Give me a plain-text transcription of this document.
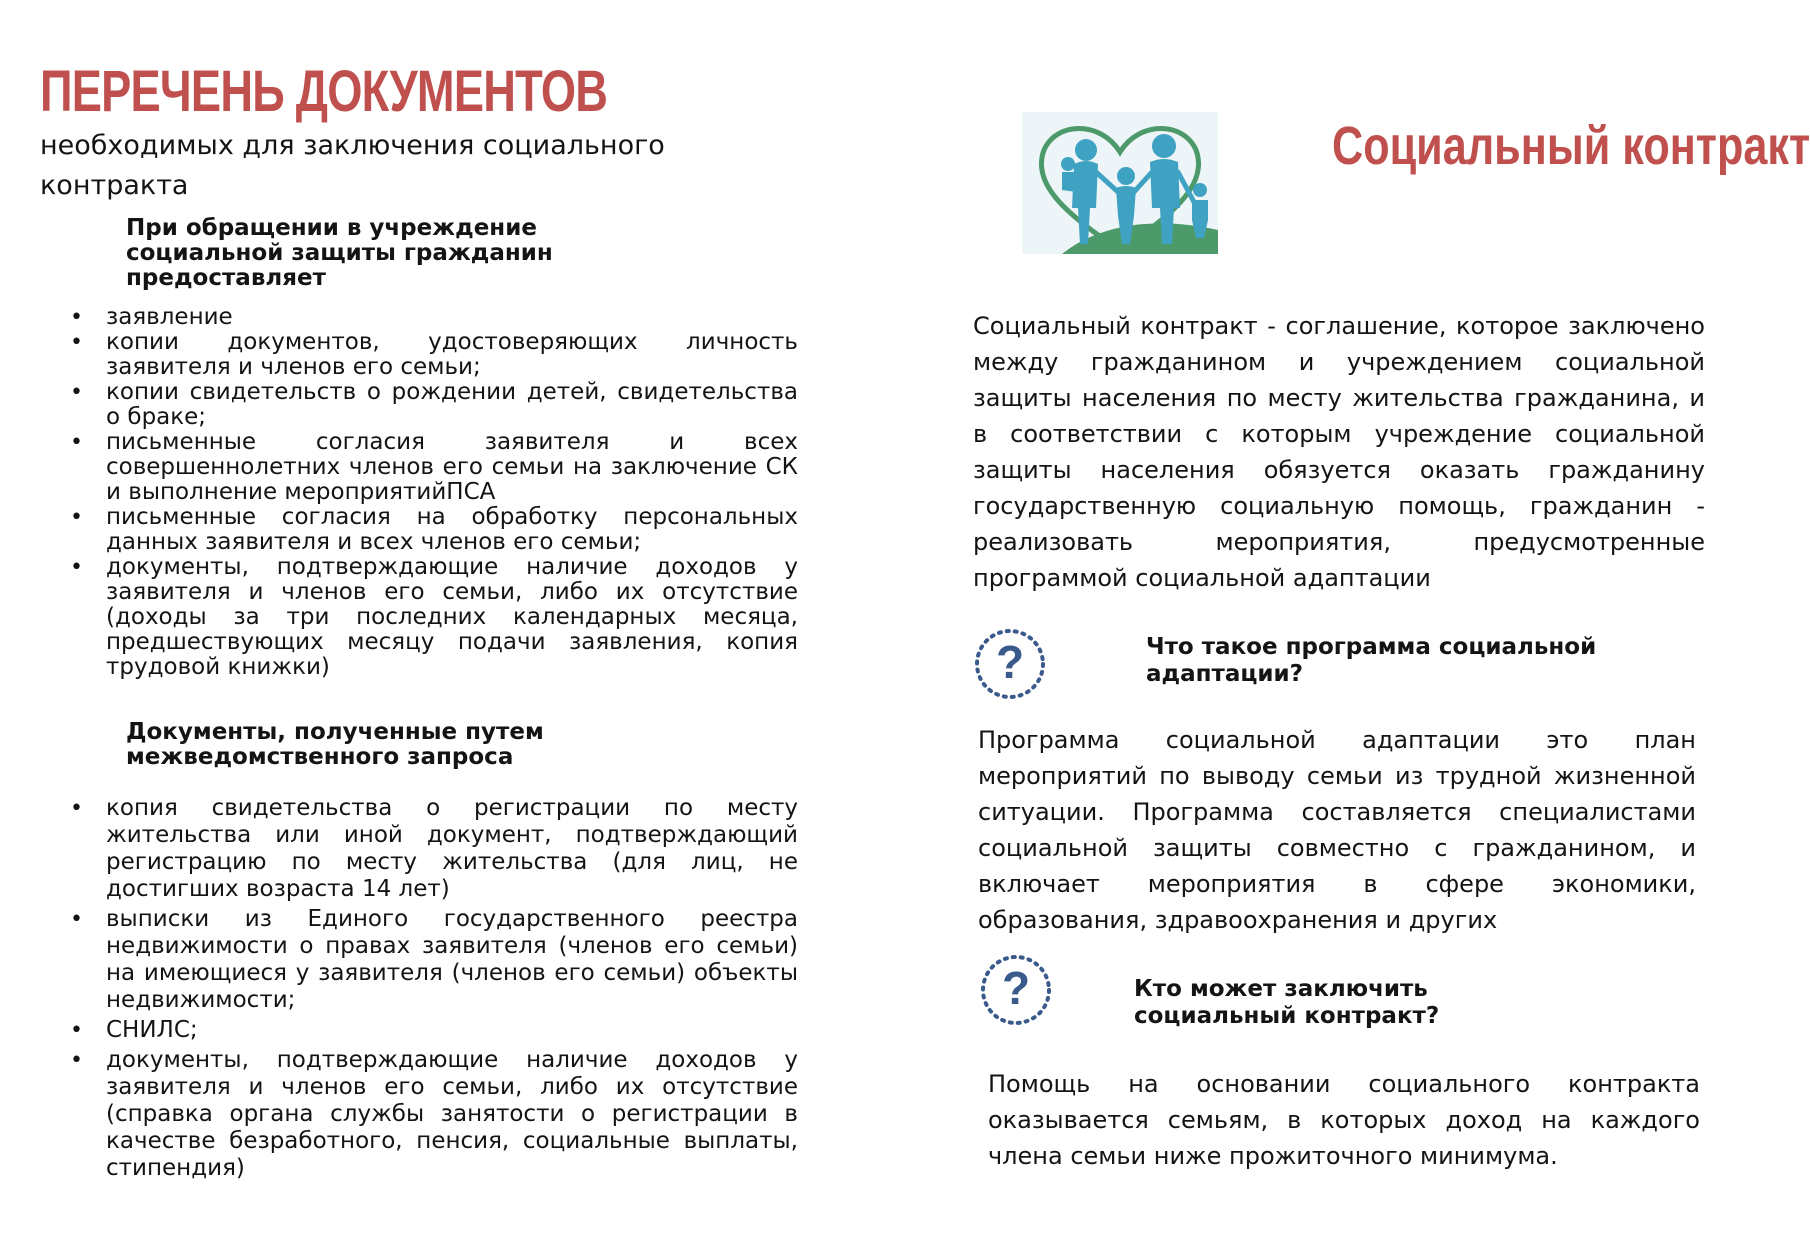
ПЕРЕЧЕНЬ ДОКУМЕНТОВ

необходимых для заключения социального контракта

При обращении в учреждение социальной защиты гражданин предоставляет
• заявление
• копии документов, удостоверяющих личность заявителя и членов его семьи;
• копии свидетельств о рождении детей, свидетельства о браке;
• письменные согласия заявителя и всех совершеннолетних членов его семьи на заключение СК и выполнение мероприятийПСА
• письменные согласия на обработку персональных данных заявителя и всех членов его семьи;
• документы, подтверждающие наличие доходов у заявителя и членов его семьи, либо их отсутствие (доходы за три последних календарных месяца, предшествующих месяцу подачи заявления, копия трудовой книжки)
Документы, полученные путем межведомственного запроса
• копия свидетельства о регистрации по месту жительства или иной документ, подтверждающий регистрацию по месту жительства (для лиц, не достигших возраста 14 лет)
• выписки из Единого государственного реестра недвижимости о правах заявителя (членов его семьи) на имеющиеся у заявителя (членов его семьи) объекты недвижимости;
• СНИЛС;
• документы, подтверждающие наличие доходов у заявителя и членов его семьи, либо их отсутствие (справка органа службы занятости о регистрации в качестве безработного, пенсия, социальные выплаты, стипендия)
Социальный контракт

Социальный контракт - соглашение, которое заключено между гражданином и учреждением социальной защиты населения по месту жительства гражданина, и в соответствии с которым учреждение социальной защиты населения обязуется оказать гражданину государственную социальную помощь, гражданин - реализовать мероприятия, предусмотренные программой социальной адаптации

?	Что такое программа социальной адаптации?

Программа социальной адаптации это план мероприятий по выводу семьи из трудной жизненной ситуации. Программа составляется специалистами социальной защиты совместно с гражданином, и включает мероприятия в сфере экономики, образования, здравоохранения и других

?	Кто может заключить социальный контракт?

Помощь на основании социального контракта оказывается семьям, в которых доход на каждого члена семьи ниже прожиточного минимума.
